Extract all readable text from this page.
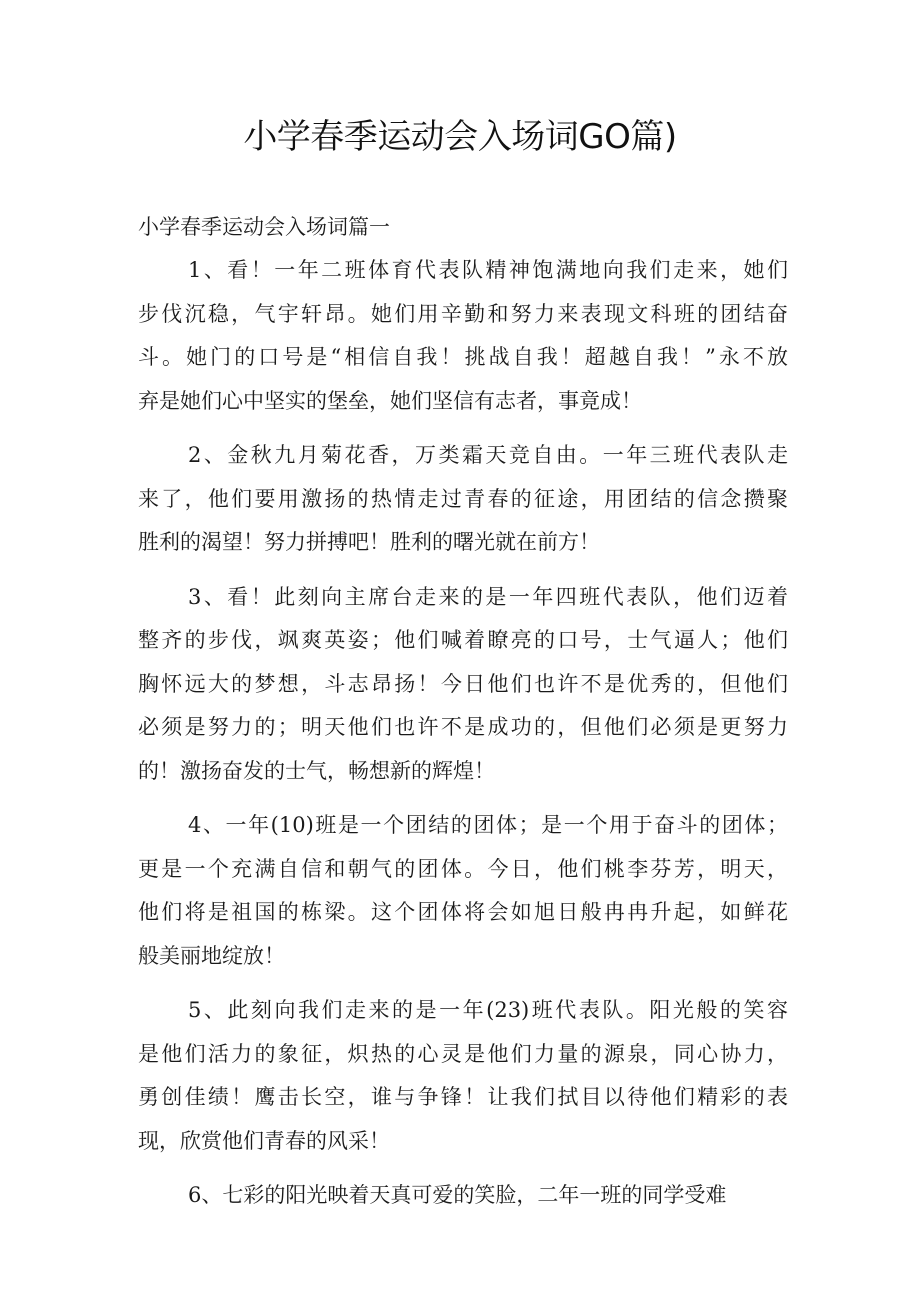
小学春季运动会入场词GO篇)

小学春季运动会入场词篇一

1、看！一年二班体育代表队精神饱满地向我们走来，她们
步伐沉稳，气宇轩昂。她们用辛勤和努力来表现文科班的团结奋
斗。她门的口号是“相信自我！挑战自我！超越自我！”永不放
弃是她们心中坚实的堡垒，她们坚信有志者，事竟成！
2、金秋九月菊花香，万类霜天竞自由。一年三班代表队走
来了，他们要用激扬的热情走过青春的征途，用团结的信念攒聚
胜利的渴望！努力拼搏吧！胜利的曙光就在前方！
3、看！此刻向主席台走来的是一年四班代表队，他们迈着
整齐的步伐，飒爽英姿；他们喊着瞭亮的口号，士气逼人；他们
胸怀远大的梦想，斗志昂扬！今日他们也许不是优秀的，但他们
必须是努力的；明天他们也许不是成功的，但他们必须是更努力
的！激扬奋发的士气，畅想新的辉煌！
4、一年(10)班是一个团结的团体；是一个用于奋斗的团体；
更是一个充满自信和朝气的团体。今日，他们桃李芬芳，明天，
他们将是祖国的栋梁。这个团体将会如旭日般冉冉升起，如鲜花
般美丽地绽放！
5、此刻向我们走来的是一年(23)班代表队。阳光般的笑容
是他们活力的象征，炽热的心灵是他们力量的源泉，同心协力，
勇创佳绩！鹰击长空，谁与争锋！让我们拭目以待他们精彩的表
现，欣赏他们青春的风采！
6、七彩的阳光映着天真可爱的笑脸，二年一班的同学受难
